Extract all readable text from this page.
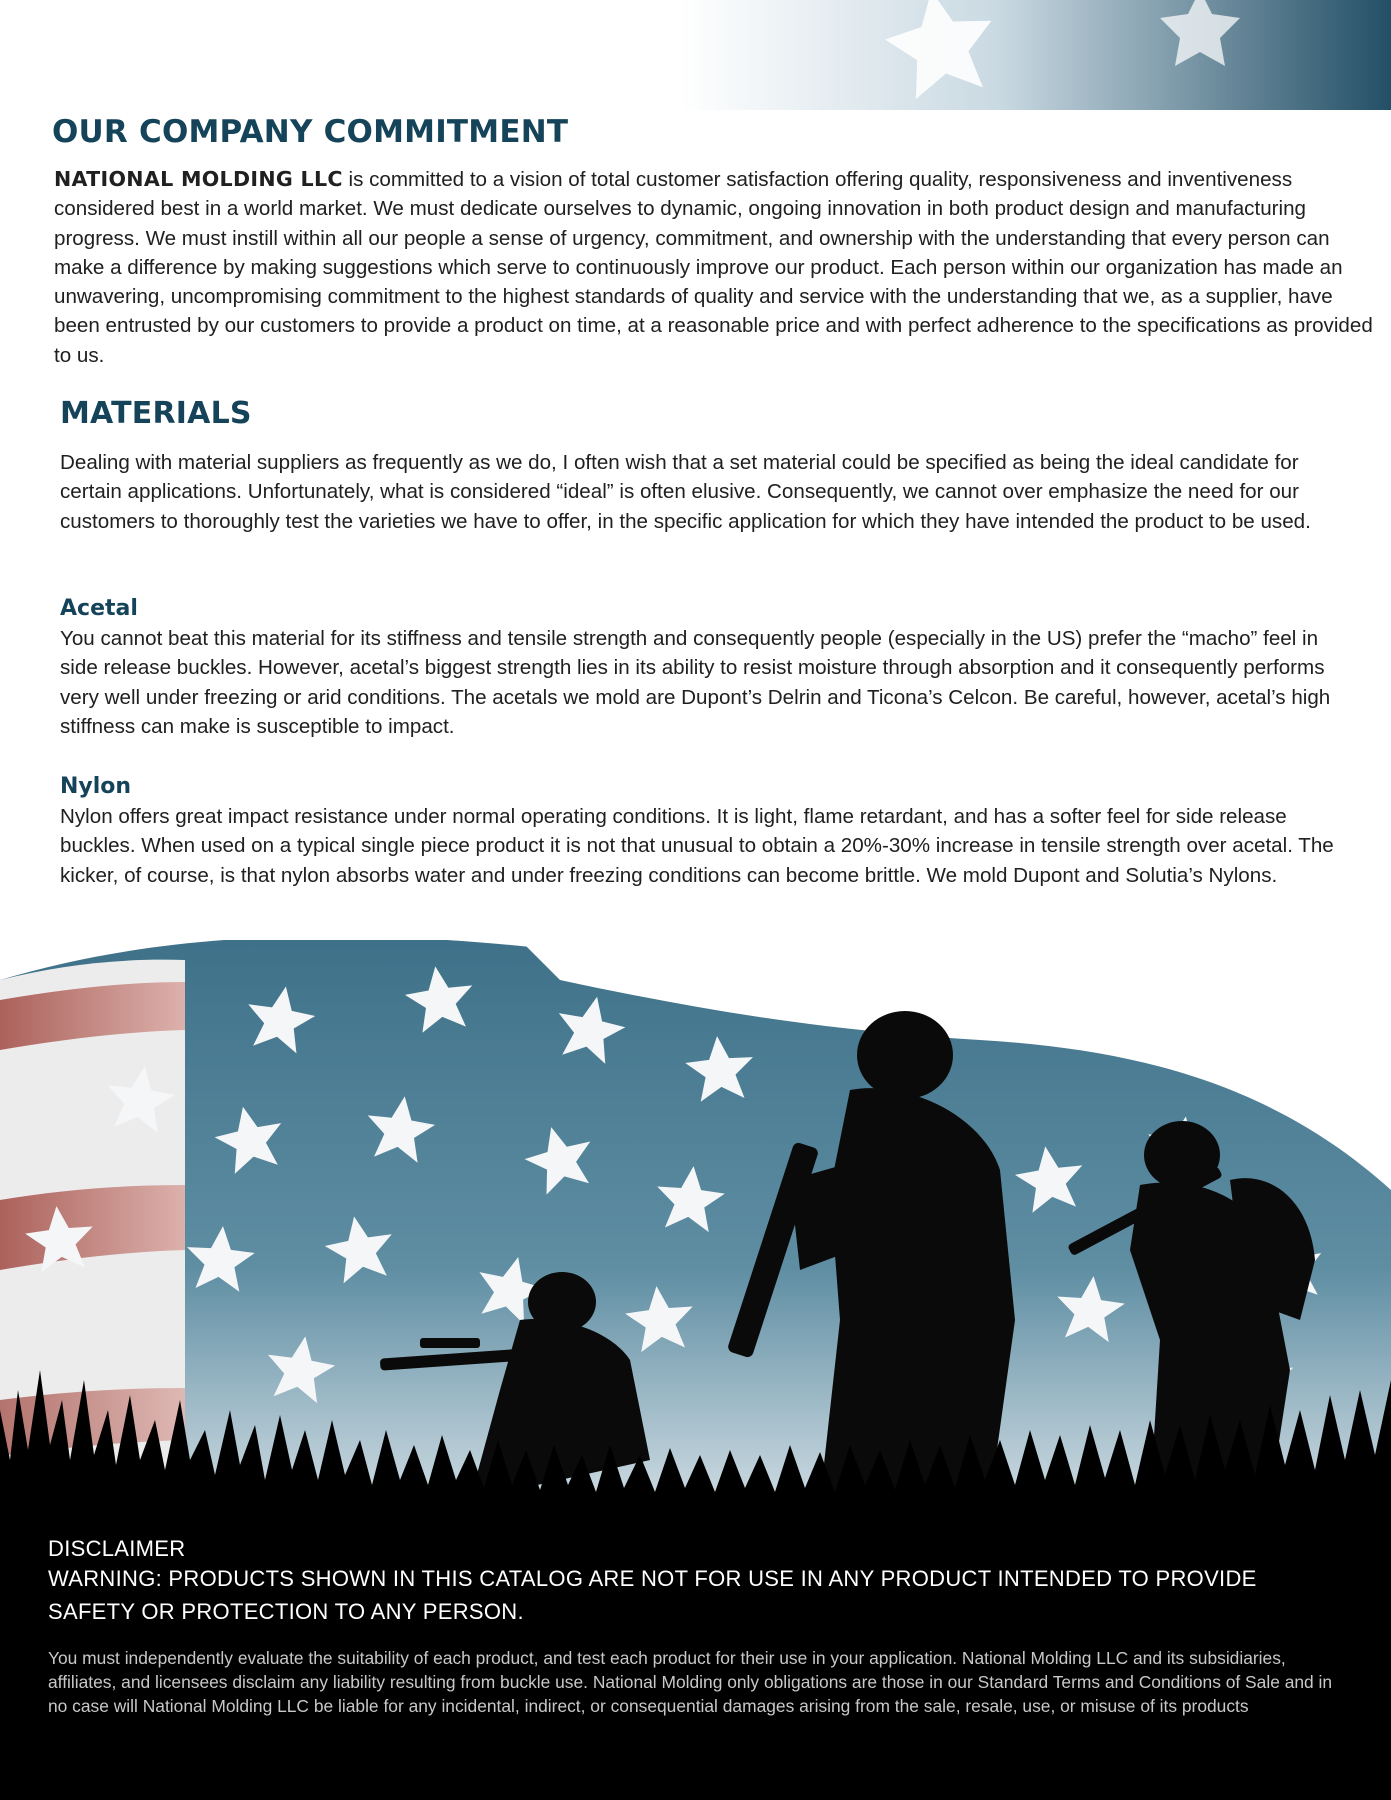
OUR COMPANY COMMITMENT

NATIONAL MOLDING LLC is committed to a vision of total customer satisfaction offering quality, responsiveness and inventiveness considered best in a world market. We must dedicate ourselves to dynamic, ongoing innovation in both product design and manufacturing progress. We must instill within all our people a sense of urgency, commitment, and ownership with the understanding that every person can make a difference by making suggestions which serve to continuously improve our product. Each person within our organization has made an unwavering, uncompromising commitment to the highest standards of quality and service with the understanding that we, as a supplier, have been entrusted by our customers to provide a product on time, at a reasonable price and with perfect adherence to the specifications as provided to us.

MATERIALS

Dealing with material suppliers as frequently as we do, I often wish that a set material could be specified as being the ideal candidate for certain applications. Unfortunately, what is considered “ideal” is often elusive. Consequently, we cannot over emphasize the need for our customers to thoroughly test the varieties we have to offer, in the specific application for which they have intended the product to be used.

Acetal

You cannot beat this material for its stiffness and tensile strength and consequently people (especially in the US) prefer the “macho” feel in side release buckles. However, acetal’s biggest strength lies in its ability to resist moisture through absorption and it consequently performs very well under freezing or arid conditions. The acetals we mold are Dupont’s Delrin and Ticona’s Celcon. Be careful, however, acetal’s high stiffness can make is susceptible to impact.

Nylon

Nylon offers great impact resistance under normal operating conditions. It is light, flame retardant, and has a softer feel for side release buckles. When used on a typical single piece product it is not that unusual to obtain a 20%-30% increase in tensile strength over acetal. The kicker, of course, is that nylon absorbs water and under freezing conditions can become brittle. We mold Dupont and Solutia’s Nylons.

DISCLAIMER

WARNING: PRODUCTS SHOWN IN THIS CATALOG ARE NOT FOR USE IN ANY PRODUCT INTENDED TO PROVIDE SAFETY OR PROTECTION TO ANY PERSON.

You must independently evaluate the suitability of each product, and test each product for their use in your application. National Molding LLC and its subsidiaries, affiliates, and licensees disclaim any liability resulting from buckle use. National Molding only obligations are those in our Standard Terms and Conditions of Sale and in no case will National Molding LLC be liable for any incidental, indirect, or consequential damages arising from the sale, resale, use, or misuse of its products
